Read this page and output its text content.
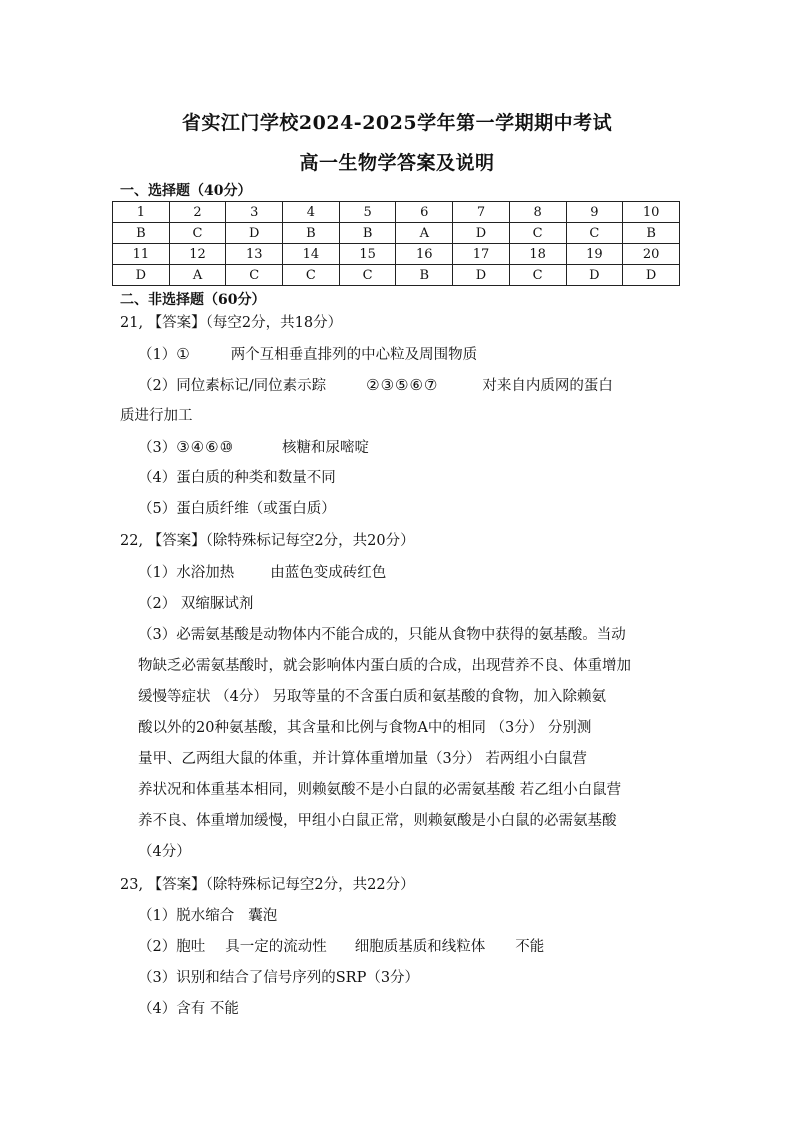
省实江门学校2024-2025学年第一学期期中考试
高一生物学答案及说明
一、选择题（40分）
1	2	3	4	5	6	7	8	9	10
B	C	D	B	B	A	D	C	C	B
11	12	13	14	15	16	17	18	19	20
D	A	C	C	C	B	D	C	D	D
二、非选择题（60分）
21, 【答案】（每空2分，共18分）
（1）①	两个互相垂直排列的中心粒及周围物质
（2）同位素标记/同位素示踪	②③⑤⑥⑦	对来自内质网的蛋白
质进行加工
（3）③④⑥⑩	核糖和尿嘧啶
（4）蛋白质的种类和数量不同
（5）蛋白质纤维（或蛋白质）
22, 【答案】（除特殊标记每空2分，共20分）
（1）水浴加热 由蓝色变成砖红色
（2） 双缩脲试剂
（3）必需氨基酸是动物体内不能合成的，只能从食物中获得的氨基酸。当动
物缺乏必需氨基酸时，就会影响体内蛋白质的合成，出现营养不良、体重增加
缓慢等症状 （4分） 另取等量的不含蛋白质和氨基酸的食物，加入除赖氨
酸以外的20种氨基酸，其含量和比例与食物A中的相同 （3分） 分别测
量甲、乙两组大鼠的体重，并计算体重增加量（3分） 若两组小白鼠营
养状况和体重基本相同，则赖氨酸不是小白鼠的必需氨基酸 若乙组小白鼠营
养不良、体重增加缓慢，甲组小白鼠正常，则赖氨酸是小白鼠的必需氨基酸
（4分）
23, 【答案】（除特殊标记每空2分，共22分）
（1）脱水缩合 囊泡
（2）胞吐 具一定的流动性 细胞质基质和线粒体 不能
（3）识别和结合了信号序列的SRP（3分）
（4）含有 不能
